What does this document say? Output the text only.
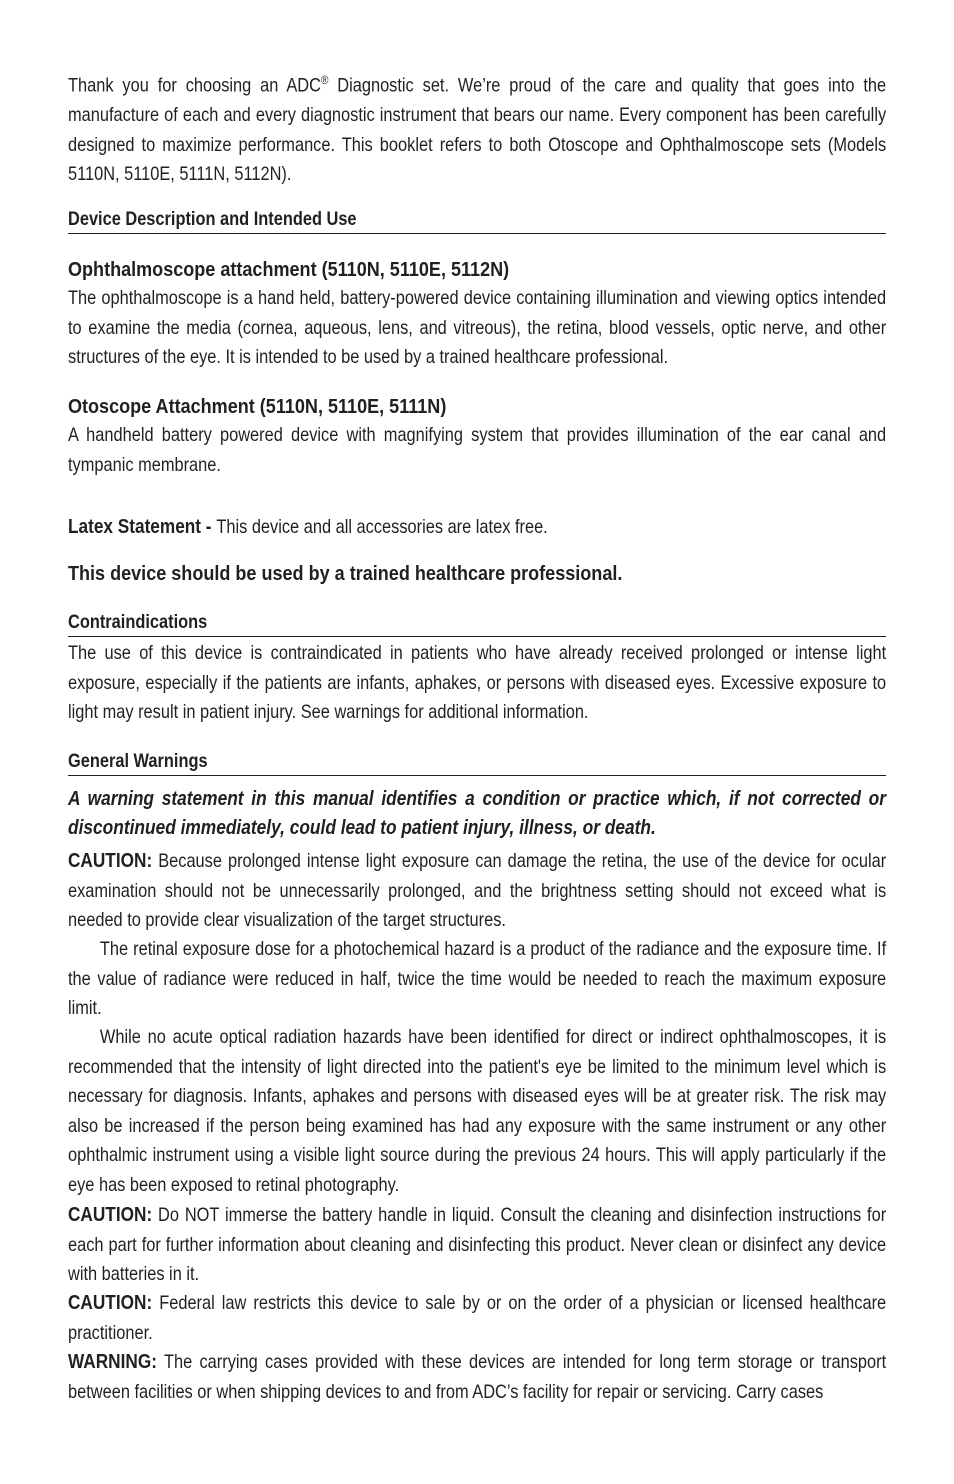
Thank you for choosing an ADC® Diagnostic set. We’re proud of the care and quality that goes into the manufacture of each and every diagnostic instrument that bears our name. Every component has been carefully designed to maximize performance. This booklet refers to both Otoscope and Ophthalmoscope sets (Models 5110N, 5110E, 5111N, 5112N).

Device Description and Intended Use
Ophthalmoscope attachment (5110N, 5110E, 5112N)

The ophthalmoscope is a hand held, battery-powered device containing illumination and viewing optics intended to examine the media (cornea, aqueous, lens, and vitreous), the retina, blood vessels, optic nerve, and other structures of the eye. It is intended to be used by a trained healthcare professional.

Otoscope Attachment (5110N, 5110E, 5111N)

A handheld battery powered device with magnifying system that provides illumination of the ear canal and tympanic membrane.

Latex Statement - This device and all accessories are latex free.

This device should be used by a trained healthcare professional.
Contraindications

The use of this device is contraindicated in patients who have already received prolonged or intense light exposure, especially if the patients are infants, aphakes, or persons with diseased eyes. Excessive exposure to light may result in patient injury. See warnings for additional information.

General Warnings

A warning statement in this manual identifies a condition or practice which, if not corrected or discontinued immediately, could lead to patient injury, illness, or death.

CAUTION: Because prolonged intense light exposure can damage the retina, the use of the device for ocular examination should not be unnecessarily prolonged, and the brightness setting should not exceed what is needed to provide clear visualization of the target structures.

The retinal exposure dose for a photochemical hazard is a product of the radiance and the exposure time. If the value of radiance were reduced in half, twice the time would be needed to reach the maximum exposure limit.

While no acute optical radiation hazards have been identified for direct or indirect ophthalmoscopes, it is recommended that the intensity of light directed into the patient's eye be limited to the minimum level which is necessary for diagnosis. Infants, aphakes and persons with diseased eyes will be at greater risk. The risk may also be increased if the person being examined has had any exposure with the same instrument or any other ophthalmic instrument using a visible light source during the previous 24 hours. This will apply particularly if the eye has been exposed to retinal photography.

CAUTION: Do NOT immerse the battery handle in liquid. Consult the cleaning and disinfection instructions for each part for further information about cleaning and disinfecting this product. Never clean or disinfect any device with batteries in it.

CAUTION: Federal law restricts this device to sale by or on the order of a physician or licensed healthcare practitioner.

WARNING: The carrying cases provided with these devices are intended for long term storage or transport between facilities or when shipping devices to and from ADC’s facility for repair or servicing. Carry cases
